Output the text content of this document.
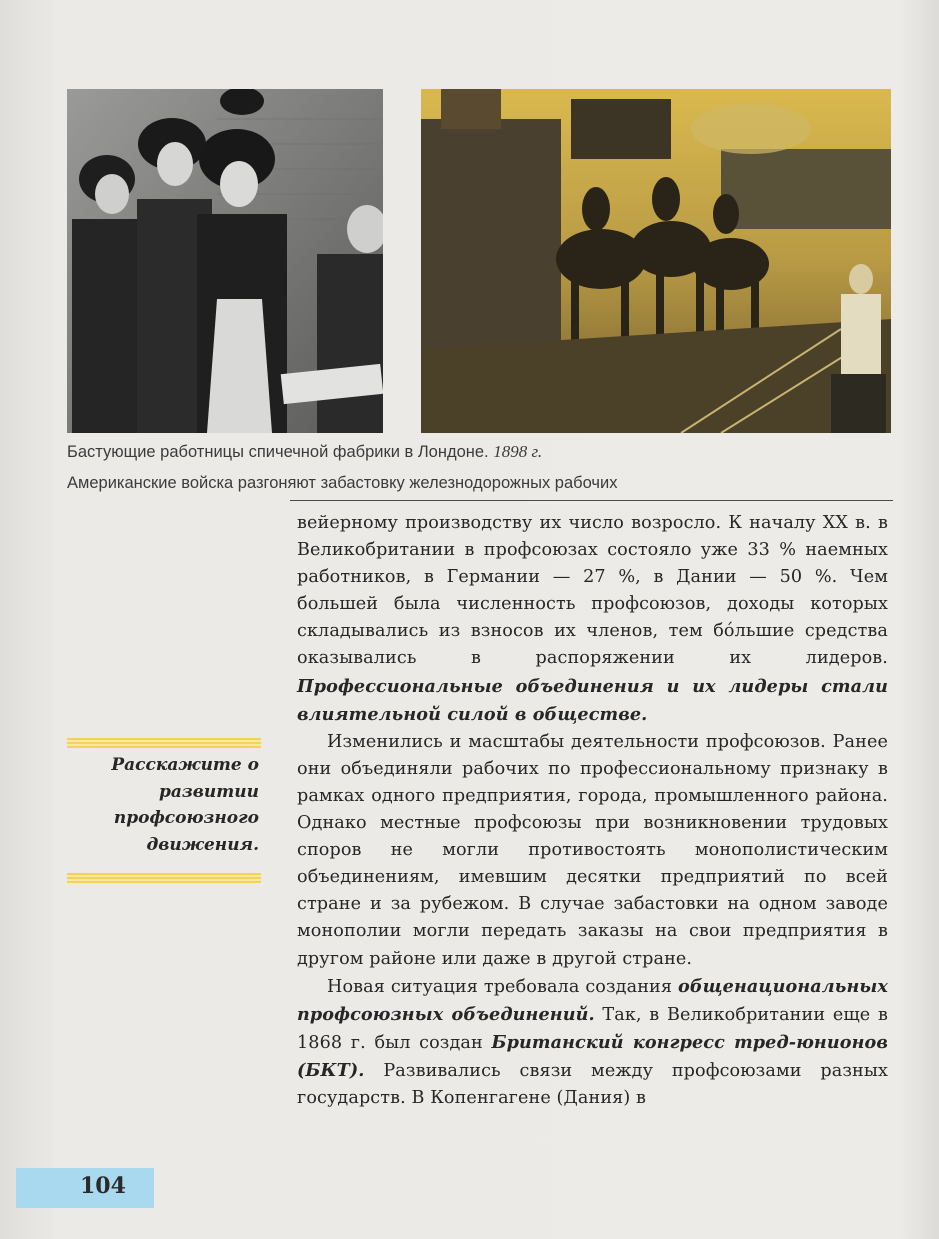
Бастующие работницы спичечной фабрики в Лондоне. 1898 г.
Американские войска разгоняют забастовку железнодорожных рабочих
Расскажите о развитии профсоюзного движения.

вейерному производству их число возросло. К началу XX в. в Великобритании в профсоюзах состояло уже 33 % наемных работников, в Германии — 27 %, в Дании — 50 %. Чем большей была численность профсоюзов, доходы которых складывались из взносов их членов, тем бóльшие средства оказывались в распоряжении их лидеров. Профессиональные объединения и их лидеры стали влиятельной силой в обществе.

Изменились и масштабы деятельности профсоюзов. Ранее они объединяли рабочих по профессиональному признаку в рамках одного предприятия, города, промышленного района. Однако местные профсоюзы при возникновении трудовых споров не могли противостоять монополистическим объединениям, имевшим десятки предприятий по всей стране и за рубежом. В случае забастовки на одном заводе монополии могли передать заказы на свои предприятия в другом районе или даже в другой стране.

Новая ситуация требовала создания общенациональных профсоюзных объединений. Так, в Великобритании еще в 1868 г. был создан Британский конгресс тред-юнионов (БКТ). Развивались связи между профсоюзами разных государств. В Копенгагене (Дания) в

104
